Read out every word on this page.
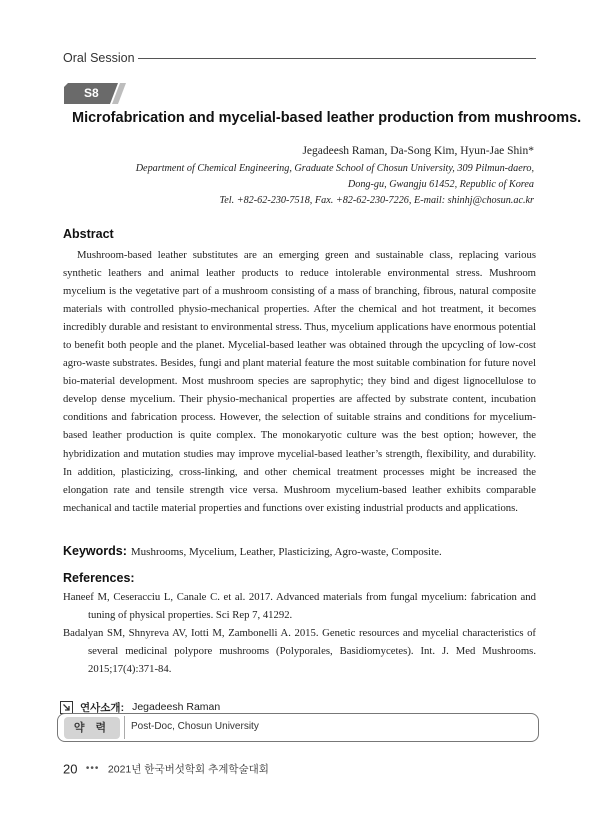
Oral Session
S8
Microfabrication and mycelial-based leather production from mushrooms.
Jegadeesh Raman, Da-Song Kim, Hyun-Jae Shin*
Department of Chemical Engineering, Graduate School of Chosun University, 309 Pilmun-daero,
Dong-gu, Gwangju 61452, Republic of Korea
Tel. +82-62-230-7518, Fax. +82-62-230-7226, E-mail: shinhj@chosun.ac.kr
Abstract
Mushroom-based leather substitutes are an emerging green and sustainable class, replacing various synthetic leathers and animal leather products to reduce intolerable environmental stress. Mushroom mycelium is the vegetative part of a mushroom consisting of a mass of branching, fibrous, natural composite materials with controlled physio-mechanical properties. After the chemical and hot treatment, it becomes incredibly durable and resistant to environmental stress. Thus, mycelium applications have enormous potential to benefit both people and the planet. Mycelial-based leather was obtained through the upcycling of low-cost agro-waste substrates. Besides, fungi and plant material feature the most suitable combination for future novel bio-material development. Most mushroom species are saprophytic; they bind and digest lignocellulose to develop dense mycelium. Their physio-mechanical properties are affected by substrate content, incubation conditions and fabrication process. However, the selection of suitable strains and conditions for mycelium-based leather production is quite complex. The monokaryotic culture was the best option; however, the hybridization and mutation studies may improve mycelial-based leather’s strength, flexibility, and durability. In addition, plasticizing, cross-linking, and other chemical treatment processes might be increased the elongation rate and tensile strength vice versa. Mushroom mycelium-based leather exhibits comparable mechanical and tactile material properties and functions over existing industrial products and applications.
Keywords: Mushrooms, Mycelium, Leather, Plasticizing, Agro-waste, Composite.
References:
Haneef M, Ceseracciu L, Canale C. et al. 2017. Advanced materials from fungal mycelium: fabrication and tuning of physical properties. Sci Rep 7, 41292.
Badalyan SM, Shnyreva AV, Iotti M, Zambonelli A. 2015. Genetic resources and mycelial characteristics of several medicinal polypore mushrooms (Polyporales, Basidiomycetes). Int. J. Med Mushrooms. 2015;17(4):371-84.
연사소개: Jegadeesh Raman
약 력	Post-Doc, Chosun University
20 ••• 2021년 한국버섯학회 추계학술대회
